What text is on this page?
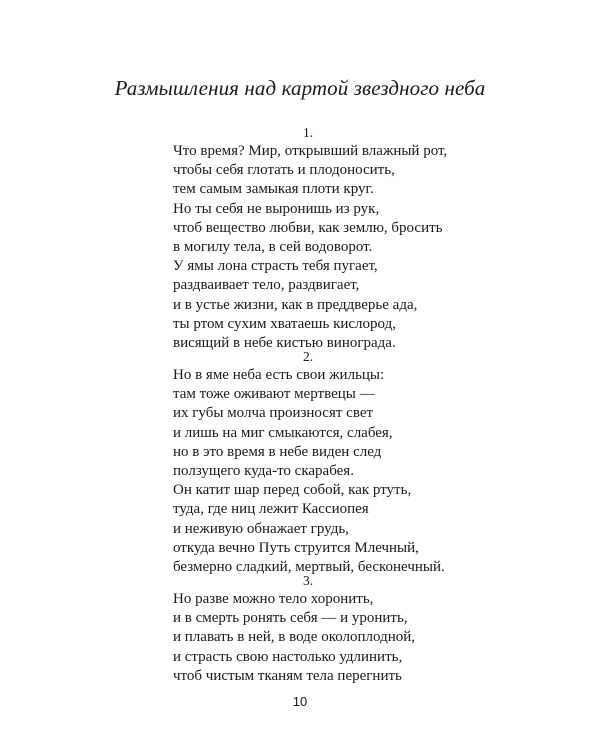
Размышления над картой звездного неба
1.
Что время? Мир, открывший влажный рот,
чтобы себя глотать и плодоносить,
тем самым замыкая плоти круг.
Но ты себя не выронишь из рук,
чтоб вещество любви, как землю, бросить
в могилу тела, в сей водоворот.
У ямы лона страсть тебя пугает,
раздваивает тело, раздвигает,
и в устье жизни, как в преддверье ада,
ты ртом сухим хватаешь кислород,
висящий в небе кистью винограда.
2.
Но в яме неба есть свои жильцы:
там тоже оживают мертвецы —
их губы молча произносят свет
и лишь на миг смыкаются, слабея,
но в это время в небе виден след
ползущего куда-то скарабея.
Он катит шар перед собой, как ртуть,
туда, где ниц лежит Кассиопея
и неживую обнажает грудь,
откуда вечно Путь струится Млечный,
безмерно сладкий, мертвый, бесконечный.
3.
Но разве можно тело хоронить,
и в смерть ронять себя — и уронить,
и плавать в ней, в воде околоплодной,
и страсть свою настолько удлинить,
чтоб чистым тканям тела перегнить
10
